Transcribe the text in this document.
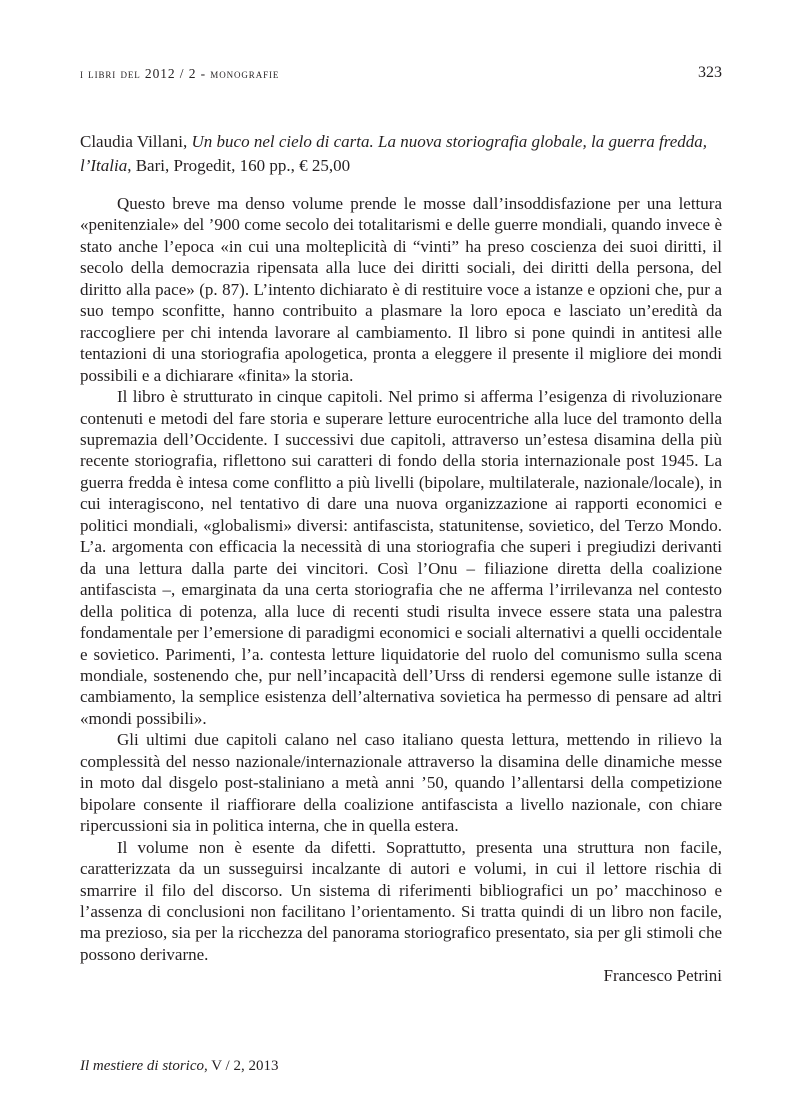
i libri del 2012 / 2 - monografie	323
Claudia Villani, Un buco nel cielo di carta. La nuova storiografia globale, la guerra fredda, l’Italia, Bari, Progedit, 160 pp., € 25,00

Questo breve ma denso volume prende le mosse dall’insoddisfazione per una lettura «penitenziale» del ’900 come secolo dei totalitarismi e delle guerre mondiali, quando invece è stato anche l’epoca «in cui una molteplicità di “vinti” ha preso coscienza dei suoi diritti, il secolo della democrazia ripensata alla luce dei diritti sociali, dei diritti della persona, del diritto alla pace» (p. 87). L’intento dichiarato è di restituire voce a istanze e opzioni che, pur a suo tempo sconfitte, hanno contribuito a plasmare la loro epoca e lasciato un’eredità da raccogliere per chi intenda lavorare al cambiamento. Il libro si pone quindi in antitesi alle tentazioni di una storiografia apologetica, pronta a eleggere il presente il migliore dei mondi possibili e a dichiarare «finita» la storia.

Il libro è strutturato in cinque capitoli. Nel primo si afferma l’esigenza di rivoluzionare contenuti e metodi del fare storia e superare letture eurocentriche alla luce del tramonto della supremazia dell’Occidente. I successivi due capitoli, attraverso un’estesa disamina della più recente storiografia, riflettono sui caratteri di fondo della storia internazionale post 1945. La guerra fredda è intesa come conflitto a più livelli (bipolare, multilaterale, nazionale/locale), in cui interagiscono, nel tentativo di dare una nuova organizzazione ai rapporti economici e politici mondiali, «globalismi» diversi: antifascista, statunitense, sovietico, del Terzo Mondo. L’a. argomenta con efficacia la necessità di una storiografia che superi i pregiudizi derivanti da una lettura dalla parte dei vincitori. Così l’Onu – filiazione diretta della coalizione antifascista –, emarginata da una certa storiografia che ne afferma l’irrilevanza nel contesto della politica di potenza, alla luce di recenti studi risulta invece essere stata una palestra fondamentale per l’emersione di paradigmi economici e sociali alternativi a quelli occidentale e sovietico. Parimenti, l’a. contesta letture liquidatorie del ruolo del comunismo sulla scena mondiale, sostenendo che, pur nell’incapacità dell’Urss di rendersi egemone sulle istanze di cambiamento, la semplice esistenza dell’alternativa sovietica ha permesso di pensare ad altri «mondi possibili».

Gli ultimi due capitoli calano nel caso italiano questa lettura, mettendo in rilievo la complessità del nesso nazionale/internazionale attraverso la disamina delle dinamiche messe in moto dal disgelo post-staliniano a metà anni ’50, quando l’allentarsi della competizione bipolare consente il riaffiorare della coalizione antifascista a livello nazionale, con chiare ripercussioni sia in politica interna, che in quella estera.

Il volume non è esente da difetti. Soprattutto, presenta una struttura non facile, caratterizzata da un susseguirsi incalzante di autori e volumi, in cui il lettore rischia di smarrire il filo del discorso. Un sistema di riferimenti bibliografici un po’ macchinoso e l’assenza di conclusioni non facilitano l’orientamento. Si tratta quindi di un libro non facile, ma prezioso, sia per la ricchezza del panorama storiografico presentato, sia per gli stimoli che possono derivarne.

Francesco Petrini

Il mestiere di storico, V / 2, 2013
